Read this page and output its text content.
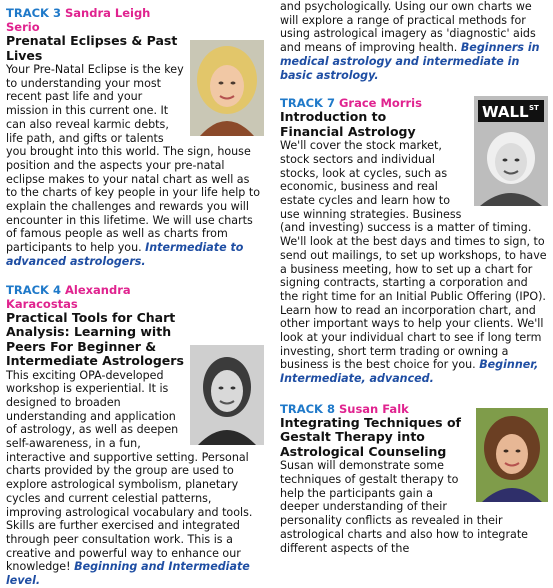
TRACK 3 Sandra Leigh Serio

Prenatal Eclipses & Past Lives

Your Pre-Natal Eclipse is the key to understanding your most recent past life and your mission in this current one. It can also reveal karmic debts, life path, and gifts or talents you brought into this world. The sign, house position and the aspects your pre-natal eclipse makes to your natal chart as well as to the charts of key people in your life help to explain the challenges and rewards you will encounter in this lifetime. We will use charts of famous people as well as charts from participants to help you. Intermediate to advanced astrologers.

TRACK 4 Alexandra Karacostas

Practical Tools for Chart Analysis: Learning with Peers For Beginner & Intermediate Astrologers

This exciting OPA-developed workshop is experiential. It is designed to broaden understanding and application of astrology, as well as deepen self-awareness, in a fun, interactive and supportive setting. Personal charts provided by the group are used to explore astrological symbolism, planetary cycles and current celestial patterns, improving astrological vocabulary and tools. Skills are further exercised and integrated through peer consultation work. This is a creative and powerful way to enhance our knowledge! Beginning and Intermediate level.

and psychologically. Using our own charts we will explore a range of practical methods for using astrological imagery as 'diagnostic' aids and means of improving health. Beginners in medical astrology and intermediate in basic astrology.

WALL ST
TRACK 7 Grace Morris

Introduction to Financial Astrology

We'll cover the stock market, stock sectors and individual stocks, look at cycles, such as economic, business and real estate cycles and learn how to use winning strategies. Business (and investing) success is a matter of timing. We'll look at the best days and times to sign, to send out mailings, to set up workshops, to have a business meeting, how to set up a chart for signing contracts, starting a corporation and the right time for an Initial Public Offering (IPO). Learn how to read an incorporation chart, and other important ways to help your clients. We'll look at your individual chart to see if long term investing, short term trading or owning a business is the best choice for you. Beginner, Intermediate, advanced.

TRACK 8 Susan Falk

Integrating Techniques of Gestalt Therapy into Astrological Counseling

Susan will demonstrate some techniques of gestalt therapy to help the participants gain a deeper understanding of their personality conflicts as revealed in their astrological charts and also how to integrate different aspects of the
